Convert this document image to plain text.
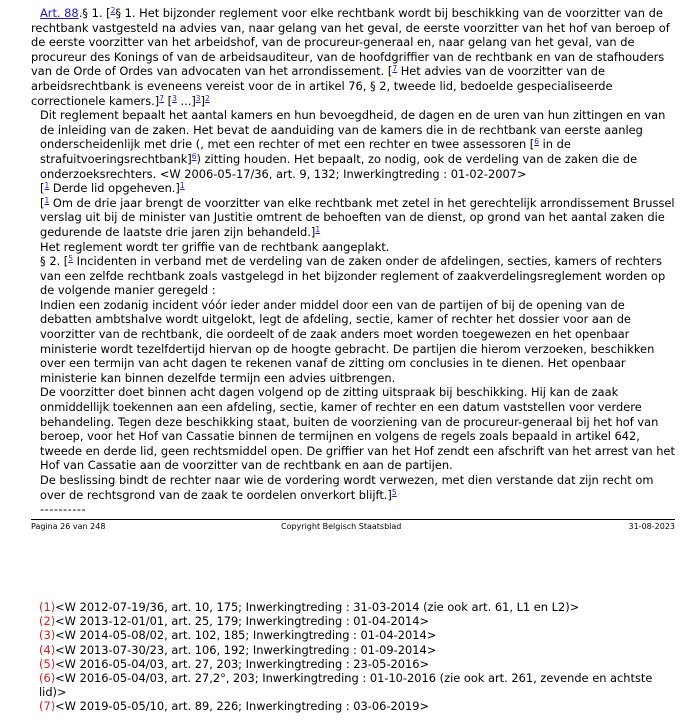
Art. 88.§ 1. [$^2$§ 1. Het bijzonder reglement voor elke rechtbank wordt bij beschikking van de voorzitter van de rechtbank vastgesteld na advies van, naar gelang van het geval, de eerste voorzitter van het hof van beroep of de eerste voorzitter van het arbeidshof, van de procureur-generaal en, naar gelang van het geval, van de procureur des Konings of van de arbeidsauditeur, van de hoofdgriffier van de rechtbank en van de stafhouders van de Orde of Ordes van advocaten van het arrondissement. [$^7$ Het advies van de voorzitter van de arbeidsrechtbank is eveneens vereist voor de in artikel 76, § 2, tweede lid, bedoelde gespecialiseerde correctionele kamers.]$^7$ [$^3$ ...]$^3$]$^2$

Dit reglement bepaalt het aantal kamers en hun bevoegdheid, de dagen en de uren van hun zittingen en van de inleiding van de zaken. Het bevat de aanduiding van de kamers die in de rechtbank van eerste aanleg onderscheidenlijk met drie (, met een rechter of met een rechter en twee assessoren [$^6$ in de strafuitvoeringsrechtbank]$^6$) zitting houden. Het bepaalt, zo nodig, ook de verdeling van de zaken die de onderzoeksrechters. <W 2006-05-17/36, art. 9, 132; Inwerkingtreding : 01-02-2007>

[$^1$ Derde lid opgeheven.]$^1$

[$^1$ Om de drie jaar brengt de voorzitter van elke rechtbank met zetel in het gerechtelijk arrondissement Brussel verslag uit bij de minister van Justitie omtrent de behoeften van de dienst, op grond van het aantal zaken die gedurende de laatste drie jaren zijn behandeld.]$^1$

Het reglement wordt ter griffie van de rechtbank aangeplakt.

§ 2. [$^5$ Incidenten in verband met de verdeling van de zaken onder de afdelingen, secties, kamers of rechters van een zelfde rechtbank zoals vastgelegd in het bijzonder reglement of zaakverdelingsreglement worden op de volgende manier geregeld :

Indien een zodanig incident vóór ieder ander middel door een van de partijen of bij de opening van de debatten ambtshalve wordt uitgelokt, legt de afdeling, sectie, kamer of rechter het dossier voor aan de voorzitter van de rechtbank, die oordeelt of de zaak anders moet worden toegewezen en het openbaar ministerie wordt tezelfdertijd hiervan op de hoogte gebracht. De partijen die hierom verzoeken, beschikken over een termijn van acht dagen te rekenen vanaf de zitting om conclusies in te dienen. Het openbaar ministerie kan binnen dezelfde termijn een advies uitbrengen.

De voorzitter doet binnen acht dagen volgend op de zitting uitspraak bij beschikking. Hij kan de zaak onmiddellijk toekennen aan een afdeling, sectie, kamer of rechter en een datum vaststellen voor verdere behandeling. Tegen deze beschikking staat, buiten de voorziening van de procureur-generaal bij het hof van beroep, voor het Hof van Cassatie binnen de termijnen en volgens de regels zoals bepaald in artikel 642, tweede en derde lid, geen rechtsmiddel open. De griffier van het Hof zendt een afschrift van het arrest van het Hof van Cassatie aan de voorzitter van de rechtbank en aan de partijen.

De beslissing bindt de rechter naar wie de vordering wordt verwezen, met dien verstande dat zijn recht om over de rechtsgrond van de zaak te oordelen onverkort blijft.]$^5$

----------

Pagina 26 van 248	Copyright Belgisch Staatsblad	31-08-2023

(1)<W 2012-07-19/36, art. 10, 175; Inwerkingtreding : 31-03-2014 (zie ook art. 61, L1 en L2)>

(2)<W 2013-12-01/01, art. 25, 179; Inwerkingtreding : 01-04-2014>

(3)<W 2014-05-08/02, art. 102, 185; Inwerkingtreding : 01-04-2014>

(4)<W 2013-07-30/23, art. 106, 192; Inwerkingtreding : 01-09-2014>

(5)<W 2016-05-04/03, art. 27, 203; Inwerkingtreding : 23-05-2016>

(6)<W 2016-05-04/03, art. 27,2°, 203; Inwerkingtreding : 01-10-2016 (zie ook art. 261, zevende en achtste lid)>

(7)<W 2019-05-05/10, art. 89, 226; Inwerkingtreding : 03-06-2019>
